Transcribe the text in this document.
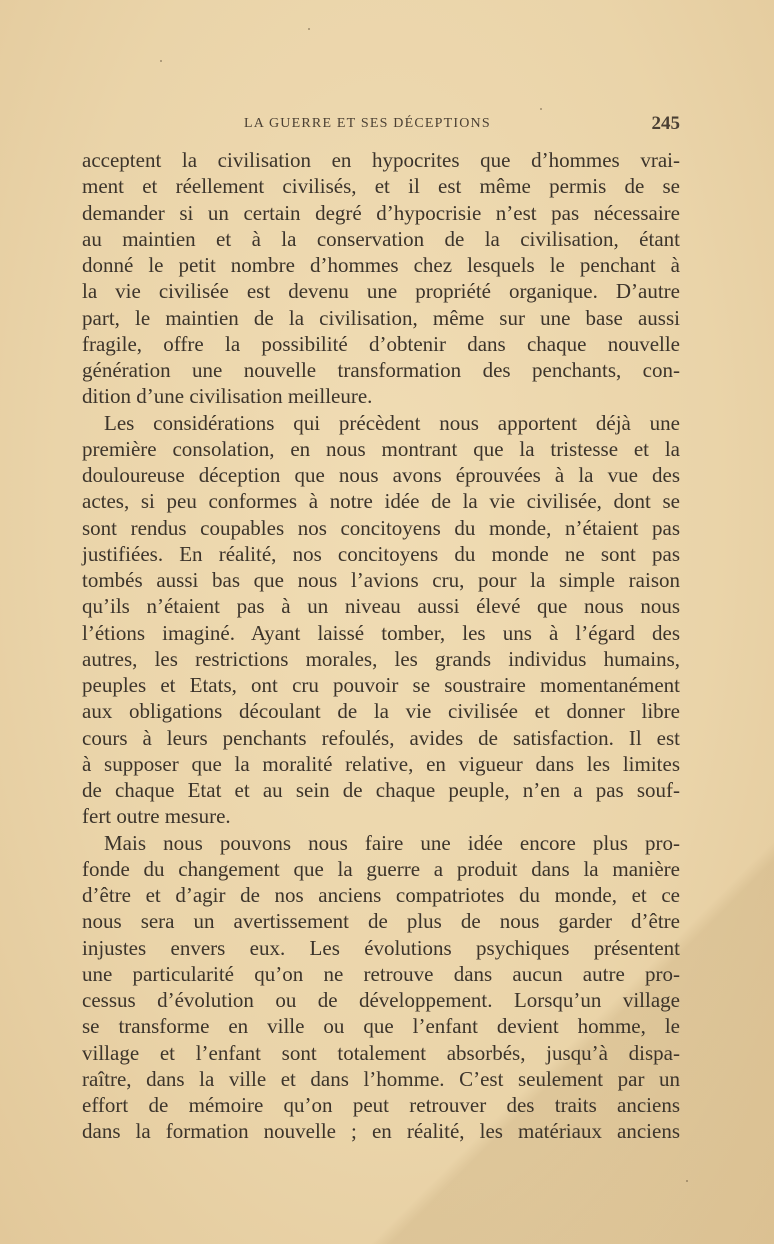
LA GUERRE ET SES DÉCEPTIONS	245
acceptent la civilisation en hypocrites que d’hommes vrai-
ment et réellement civilisés, et il est même permis de se
demander si un certain degré d’hypocrisie n’est pas nécessaire
au maintien et à la conservation de la civilisation, étant
donné le petit nombre d’hommes chez lesquels le penchant à
la vie civilisée est devenu une propriété organique. D’autre
part, le maintien de la civilisation, même sur une base aussi
fragile, offre la possibilité d’obtenir dans chaque nouvelle
génération une nouvelle transformation des penchants, con-
dition d’une civilisation meilleure.
Les considérations qui précèdent nous apportent déjà une
première consolation, en nous montrant que la tristesse et la
douloureuse déception que nous avons éprouvées à la vue des
actes, si peu conformes à notre idée de la vie civilisée, dont se
sont rendus coupables nos concitoyens du monde, n’étaient pas
justifiées. En réalité, nos concitoyens du monde ne sont pas
tombés aussi bas que nous l’avions cru, pour la simple raison
qu’ils n’étaient pas à un niveau aussi élevé que nous nous
l’étions imaginé. Ayant laissé tomber, les uns à l’égard des
autres, les restrictions morales, les grands individus humains,
peuples et Etats, ont cru pouvoir se soustraire momentanément
aux obligations découlant de la vie civilisée et donner libre
cours à leurs penchants refoulés, avides de satisfaction. Il est
à supposer que la moralité relative, en vigueur dans les limites
de chaque Etat et au sein de chaque peuple, n’en a pas souf-
fert outre mesure.
Mais nous pouvons nous faire une idée encore plus pro-
fonde du changement que la guerre a produit dans la manière
d’être et d’agir de nos anciens compatriotes du monde, et ce
nous sera un avertissement de plus de nous garder d’être
injustes envers eux. Les évolutions psychiques présentent
une particularité qu’on ne retrouve dans aucun autre pro-
cessus d’évolution ou de développement. Lorsqu’un village
se transforme en ville ou que l’enfant devient homme, le
village et l’enfant sont totalement absorbés, jusqu’à dispa-
raître, dans la ville et dans l’homme. C’est seulement par un
effort de mémoire qu’on peut retrouver des traits anciens
dans la formation nouvelle ; en réalité, les matériaux anciens
